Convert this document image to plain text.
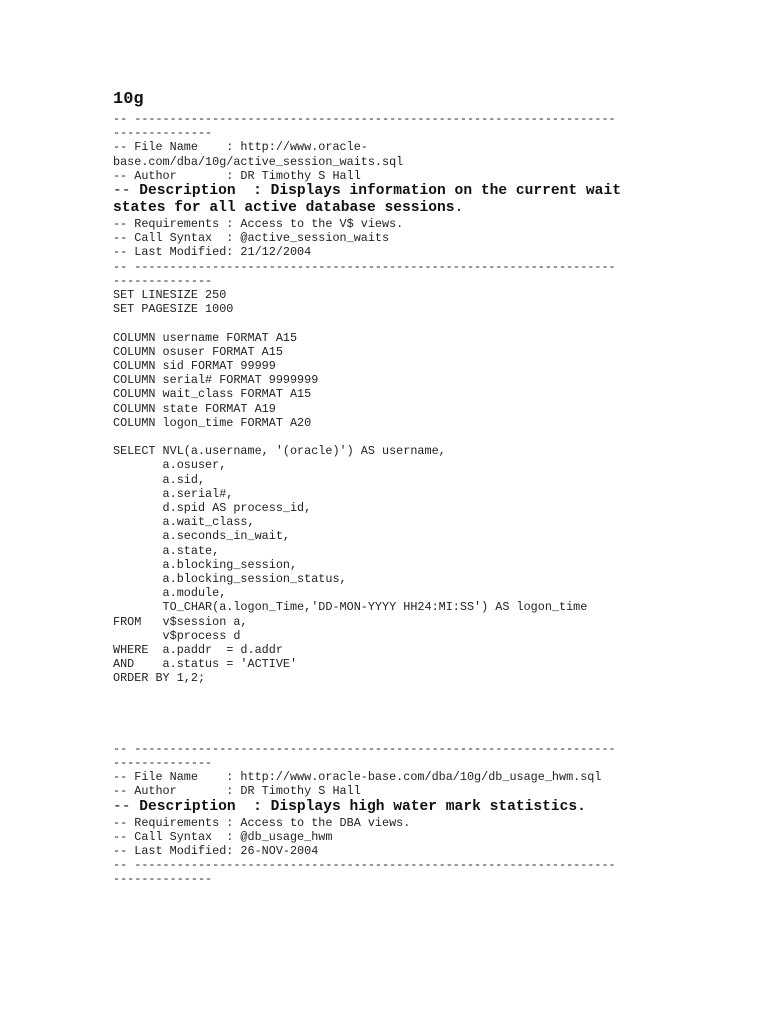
10g
-- --------------------------------------------------------------------
--------------
-- File Name    : http://www.oracle-
base.com/dba/10g/active_session_waits.sql
-- Author       : DR Timothy S Hall
-- Description  : Displays information on the current wait
states for all active database sessions.
-- Requirements : Access to the V$ views.
-- Call Syntax  : @active_session_waits
-- Last Modified: 21/12/2004
-- --------------------------------------------------------------------
--------------
SET LINESIZE 250
SET PAGESIZE 1000
COLUMN username FORMAT A15
COLUMN osuser FORMAT A15
COLUMN sid FORMAT 99999
COLUMN serial# FORMAT 9999999
COLUMN wait_class FORMAT A15
COLUMN state FORMAT A19
COLUMN logon_time FORMAT A20
SELECT NVL(a.username, '(oracle)') AS username,
a.osuser,
a.sid,
a.serial#,
d.spid AS process_id,
a.wait_class,
a.seconds_in_wait,
a.state,
a.blocking_session,
a.blocking_session_status,
a.module,
TO_CHAR(a.logon_Time,'DD-MON-YYYY HH24:MI:SS') AS logon_time
FROM   v$session a,
v$process d
WHERE  a.paddr  = d.addr
AND    a.status = 'ACTIVE'
ORDER BY 1,2;
-- --------------------------------------------------------------------
--------------
-- File Name    : http://www.oracle-base.com/dba/10g/db_usage_hwm.sql
-- Author       : DR Timothy S Hall
-- Description  : Displays high water mark statistics.
-- Requirements : Access to the DBA views.
-- Call Syntax  : @db_usage_hwm
-- Last Modified: 26-NOV-2004
-- --------------------------------------------------------------------
--------------
